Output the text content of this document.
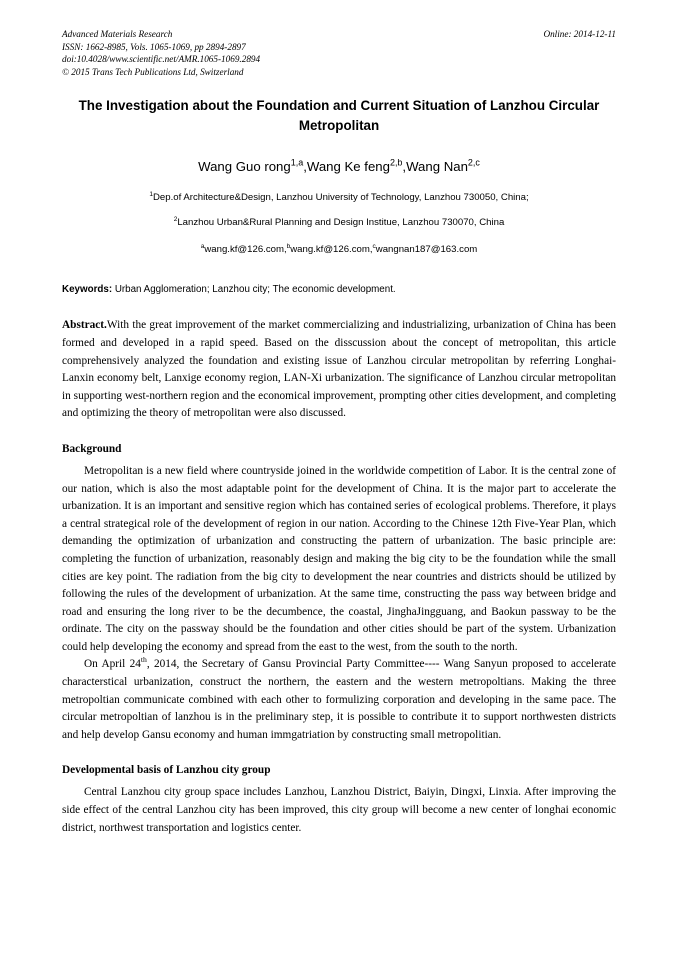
Advanced Materials Research
ISSN: 1662-8985, Vols. 1065-1069, pp 2894-2897
doi:10.4028/www.scientific.net/AMR.1065-1069.2894
© 2015 Trans Tech Publications Ltd, Switzerland
Online: 2014-12-11
The Investigation about the Foundation and Current Situation of Lanzhou Circular Metropolitan
Wang Guo rong$^{1,a}$,Wang Ke feng$^{2,b}$,Wang Nan$^{2,c}$
$^1$Dep.of Architecture&Design, Lanzhou University of Technology, Lanzhou 730050, China;
$^2$Lanzhou Urban&Rural Planning and Design Institue, Lanzhou 730070, China
$^a$wang.kf@126.com,$^b$wang.kf@126.com,$^c$wangnan187@163.com
Keywords: Urban Agglomeration; Lanzhou city; The economic development.
Abstract.With the great improvement of the market commercializing and industrializing, urbanization of China has been formed and developed in a rapid speed. Based on the disscussion about the concept of metropolitan, this article comprehensively analyzed the foundation and existing issue of Lanzhou circular metropolitan by referring Longhai-Lanxin economy belt, Lanxige economy region, LAN-Xi urbanization. The significance of Lanzhou circular metropolitan in supporting west-northern region and the economical improvement, prompting other cities development, and completing and optimizing the theory of metropolitan were also discussed.
Background

Metropolitan is a new field where countryside joined in the worldwide competition of Labor. It is the central zone of our nation, which is also the most adaptable point for the development of China. It is the major part to accelerate the urbanization. It is an important and sensitive region which has contained series of ecological problems. Therefore, it plays a central strategical role of the development of region in our nation. According to the Chinese 12th Five-Year Plan, which demanding the optimization of urbanization and constructing the pattern of urbanization. The basic principle are: completing the function of urbanization, reasonably design and making the big city to be the foundation while the small cities are key point. The radiation from the big city to development the near countries and districts should be utilized by following the rules of the development of urbanization. At the same time, constructing the pass way between bridge and road and ensuring the long river to be the decumbence, the coastal, JinghaJingguang, and Baokun passway to be the ordinate. The city on the passway should be the foundation and other cities should be part of the system. Urbanization could help developing the economy and spread from the east to the west, from the south to the north.

On April 24th, 2014, the Secretary of Gansu Provincial Party Committee---- Wang Sanyun proposed to accelerate characterstical urbanization, construct the northern, the eastern and the western metropoltians. Making the three metropoltian communicate combined with each other to formulizing corporation and developing in the same pace. The circular metropoltian of lanzhou is in the preliminary step, it is possible to contribute it to support northwesten districts and help develop Gansu economy and human immgatriation by constructing small metropolitian.

Developmental basis of Lanzhou city group

Central Lanzhou city group space includes Lanzhou, Lanzhou District, Baiyin, Dingxi, Linxia. After improving the side effect of the central Lanzhou city has been improved, this city group will become a new center of longhai economic district, northwest transportation and logistics center.
